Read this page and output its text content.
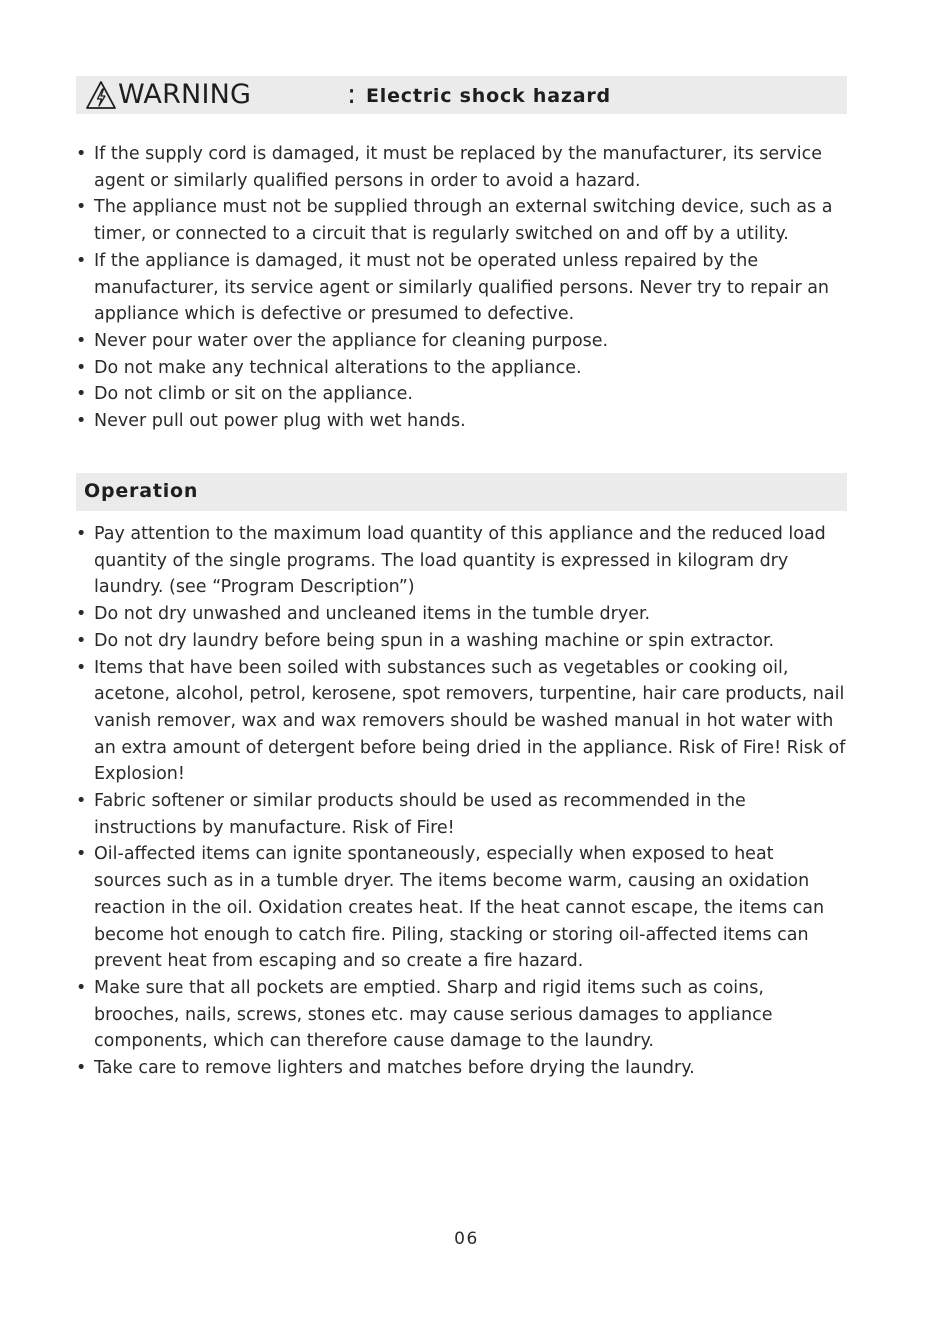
WARNING	: Electric shock hazard
• If the supply cord is damaged, it must be replaced by the manufacturer, its service agent or similarly qualified persons in order to avoid a hazard.
• The appliance must not be supplied through an external switching device, such as a timer, or connected to a circuit that is regularly switched on and off by a utility.
• If the appliance is damaged, it must not be operated unless repaired by the manufacturer, its service agent or similarly qualified persons. Never try to repair an appliance which is defective or presumed to defective.
• Never pour water over the appliance for cleaning purpose.
• Do not make any technical alterations to the appliance.
• Do not climb or sit on the appliance.
• Never pull out power plug with wet hands.
Operation
• Pay attention to the maximum load quantity of this appliance and the reduced load quantity of the single programs. The load quantity is expressed in kilogram dry laundry. (see “Program Description”)
• Do not dry unwashed and uncleaned items in the tumble dryer.
• Do not dry laundry before being spun in a washing machine or spin extractor.
• Items that have been soiled with substances such as vegetables or cooking oil, acetone, alcohol, petrol, kerosene, spot removers, turpentine, hair care products, nail vanish remover, wax and wax removers should be washed manual in hot water with an extra amount of detergent before being dried in the appliance. Risk of Fire! Risk of Explosion!
• Fabric softener or similar products should be used as recommended in the instructions by manufacture. Risk of Fire!
• Oil-affected items can ignite spontaneously, especially when exposed to heat sources such as in a tumble dryer. The items become warm, causing an oxidation reaction in the oil. Oxidation creates heat. If the heat cannot escape, the items can become hot enough to catch fire. Piling, stacking or storing oil-affected items can prevent heat from escaping and so create a fire hazard.
• Make sure that all pockets are emptied. Sharp and rigid items such as coins, brooches, nails, screws, stones etc. may cause serious damages to appliance components, which can therefore cause damage to the laundry.
• Take care to remove lighters and matches before drying the laundry.
06
